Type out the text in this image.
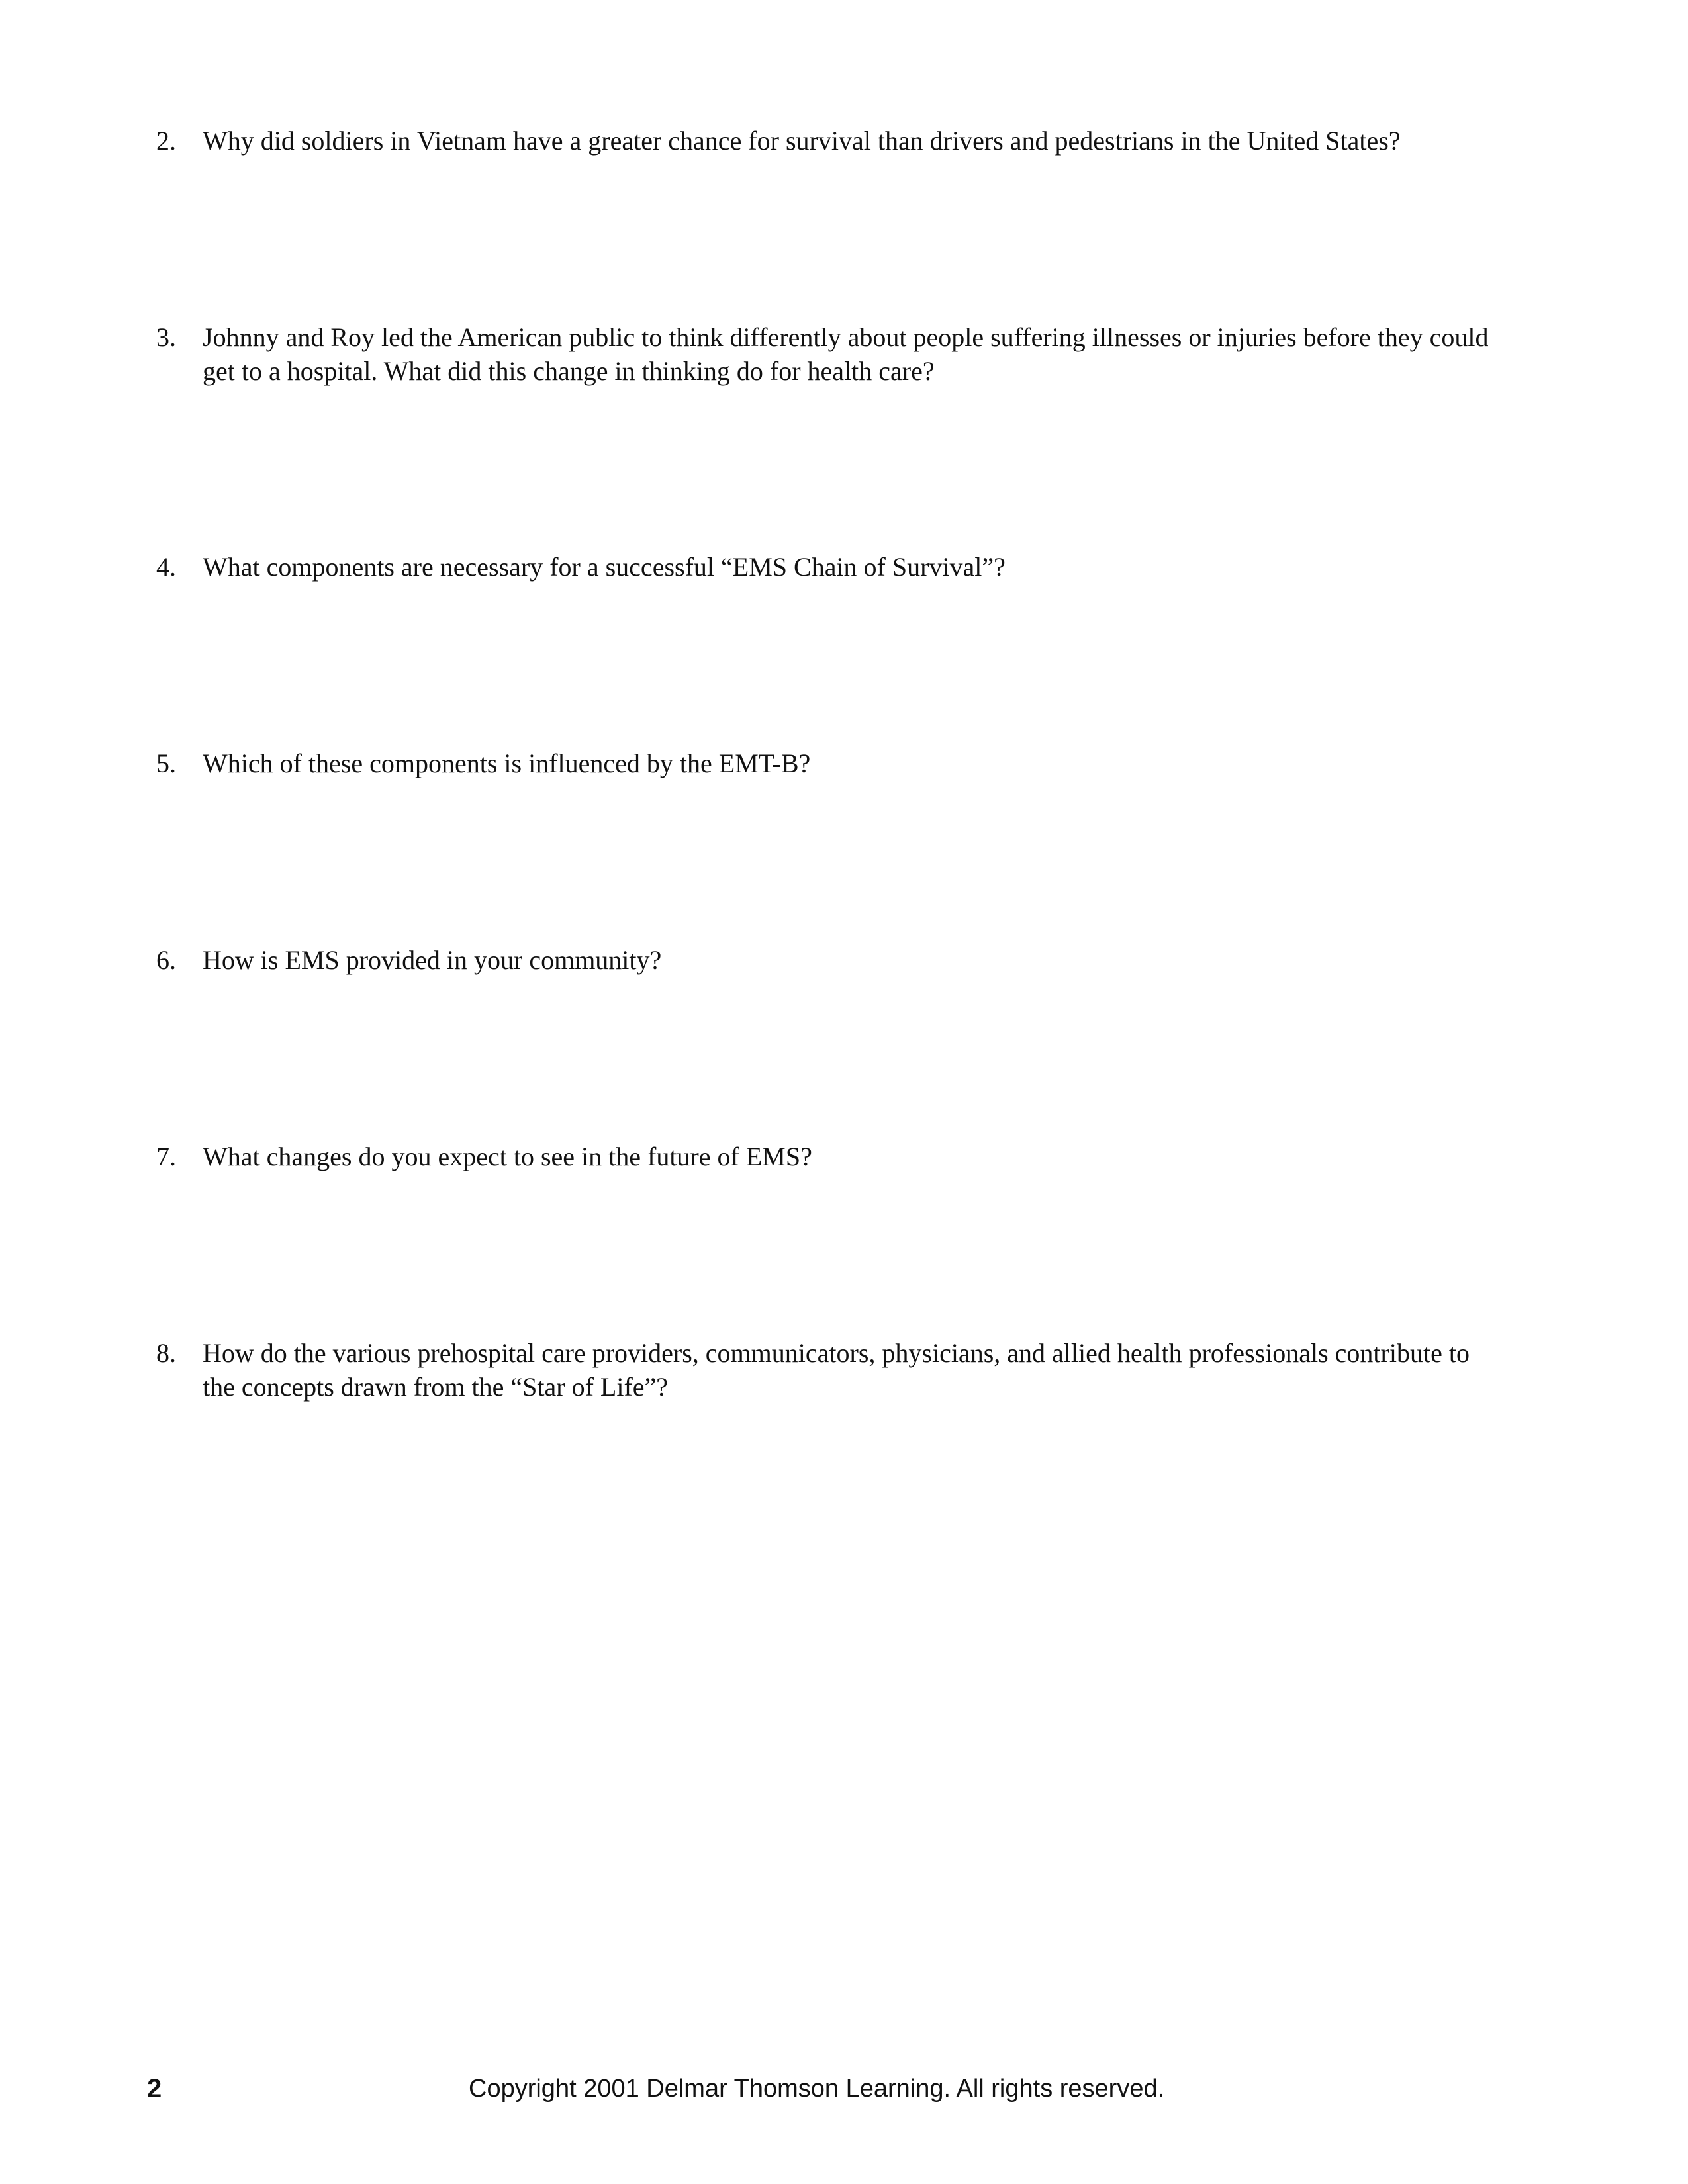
2.	Why did soldiers in Vietnam have a greater chance for survival than drivers and pedestrians in the United States?
3.	Johnny and Roy led the American public to think differently about people suffering illnesses or injuries before they could get to a hospital. What did this change in thinking do for health care?
4.	What components are necessary for a successful “EMS Chain of Survival”?
5.	Which of these components is influenced by the EMT-B?
6.	How is EMS provided in your community?
7.	What changes do you expect to see in the future of EMS?
8.	How do the various prehospital care providers, communicators, physicians, and allied health professionals contribute to the concepts drawn from the “Star of Life”?
2	Copyright 2001 Delmar Thomson Learning. All rights reserved.
